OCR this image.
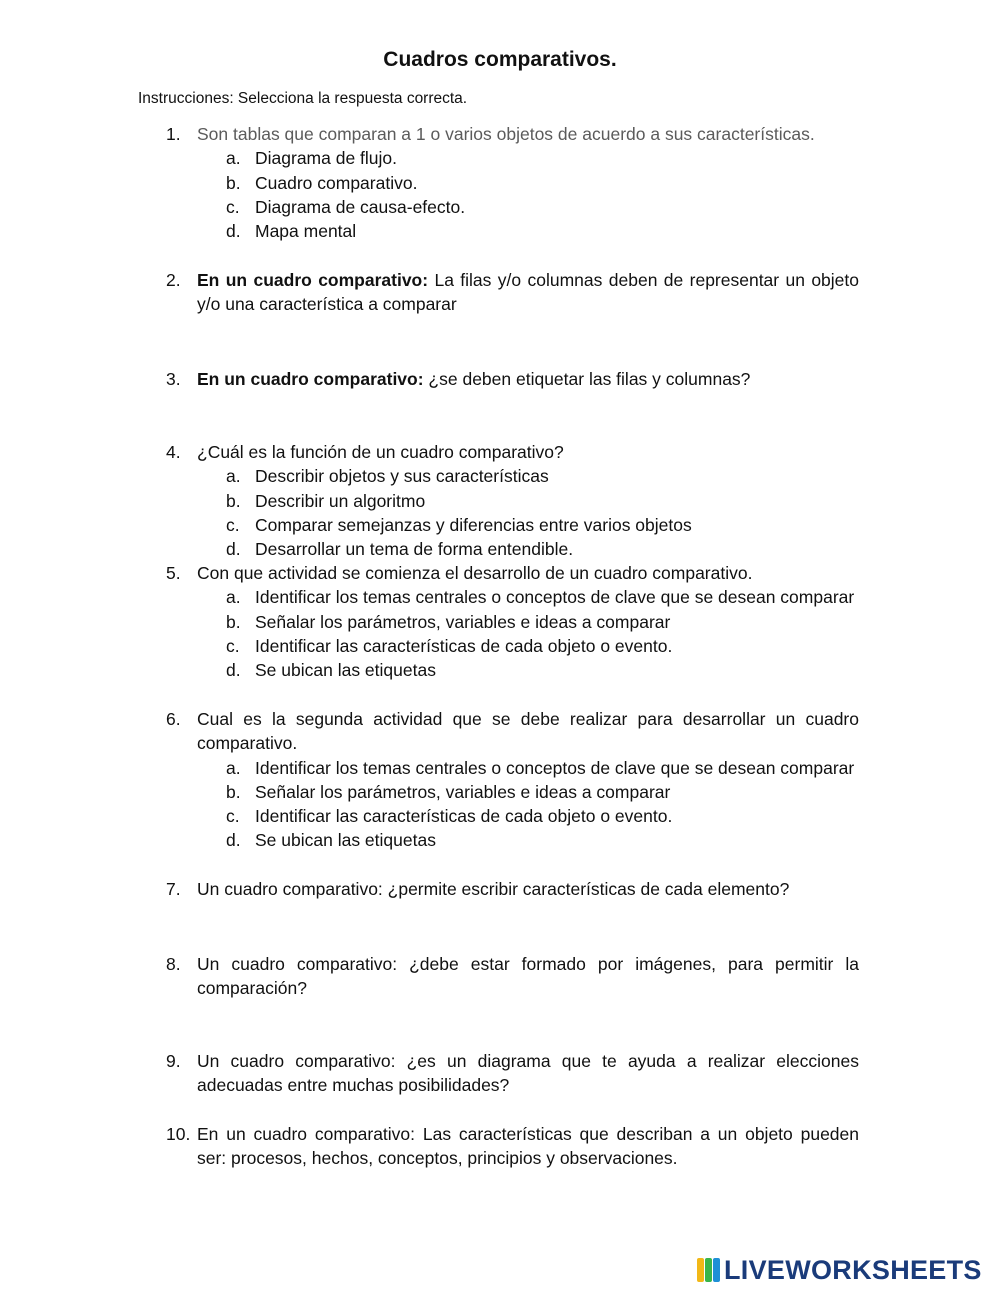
Cuadros comparativos.
Instrucciones: Selecciona la respuesta correcta.
1. Son tablas que comparan a 1 o varios objetos de acuerdo a sus características.
a. Diagrama de flujo.
b. Cuadro comparativo.
c. Diagrama de causa-efecto.
d. Mapa mental
2. En un cuadro comparativo: La filas y/o columnas deben de representar un objeto y/o una característica a comparar
3. En un cuadro comparativo: ¿se deben etiquetar las filas y columnas?
4. ¿Cuál es la función de un cuadro comparativo?
a. Describir objetos y sus características
b. Describir un algoritmo
c. Comparar semejanzas y diferencias entre varios objetos
d. Desarrollar un tema de forma entendible.
5. Con que actividad se comienza el desarrollo de un cuadro comparativo.
a. Identificar los temas centrales o conceptos de clave que se desean comparar
b. Señalar los parámetros, variables e ideas a comparar
c. Identificar las características de cada objeto o evento.
d. Se ubican las etiquetas
6. Cual es la segunda actividad que se debe realizar para desarrollar un cuadro comparativo.
a. Identificar los temas centrales o conceptos de clave que se desean comparar
b. Señalar los parámetros, variables e ideas a comparar
c. Identificar las características de cada objeto o evento.
d. Se ubican las etiquetas
7. Un cuadro comparativo: ¿permite escribir características de cada elemento?
8. Un cuadro comparativo: ¿debe estar formado por imágenes, para permitir la comparación?
9. Un cuadro comparativo: ¿es un diagrama que te ayuda a realizar elecciones adecuadas entre muchas posibilidades?
10. En un cuadro comparativo: Las características que describan a un objeto pueden ser: procesos, hechos, conceptos, principios y observaciones.
LIVEWORKSHEETS
